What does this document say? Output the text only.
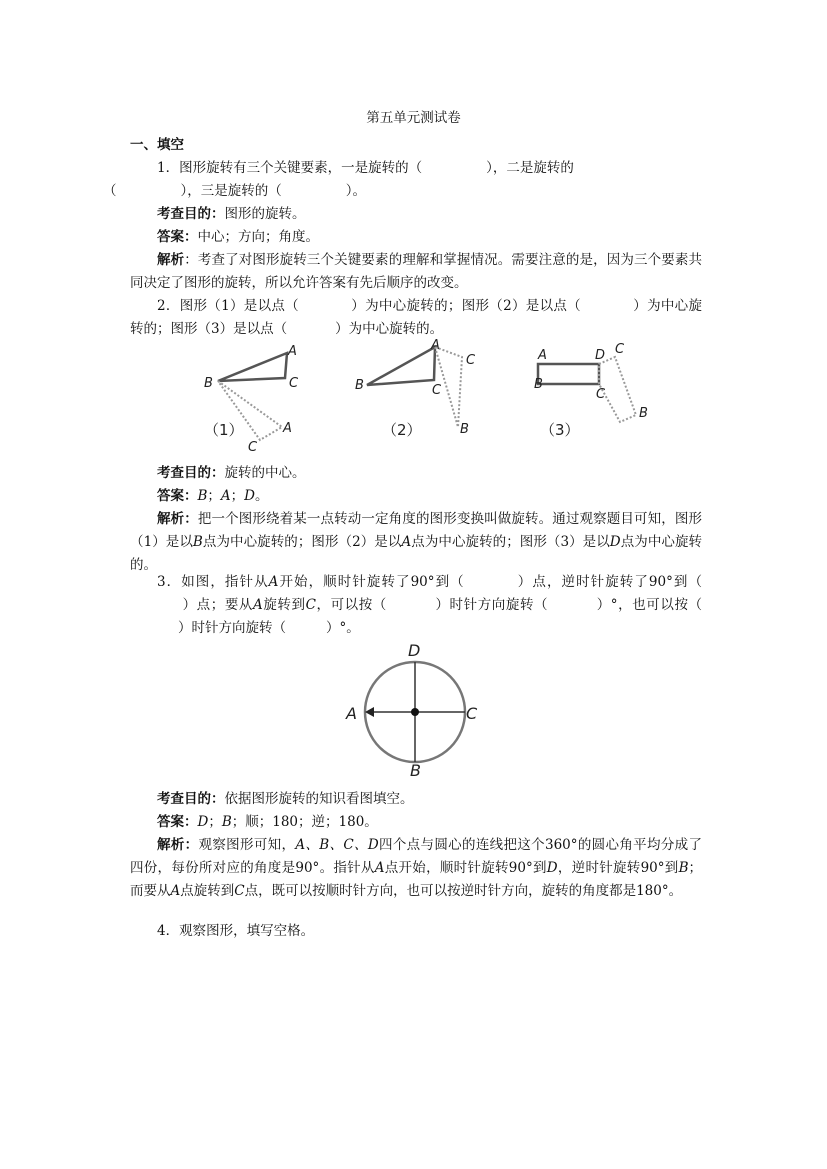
第五单元测试卷
一、填空
1．图形旋转有三个关键要素，一是旋转的（	），二是旋转的
（	），三是旋转的（	）。
考查目的：图形的旋转。
答案：中心；方向；角度。
解析：考查了对图形旋转三个关键要素的理解和掌握情况。需要注意的是，因为三个要素共同决定了图形的旋转，所以允许答案有先后顺序的改变。
2．图形（1）是以点（	）为中心旋转的；图形（2）是以点（	）为中心旋转的；图形（3）是以点（	）为中心旋转的。
A
B	C
A
C
（1）
A
B	C
C
B
（2）
A
B
D
C
C
B
（3）
考查目的：旋转的中心。
答案：B；A；D。
解析：把一个图形绕着某一点转动一定角度的图形变换叫做旋转。通过观察题目可知，图形（1）是以B点为中心旋转的；图形（2）是以A点为中心旋转的；图形（3）是以D点为中心旋转的。
3．如图，指针从A开始，顺时针旋转了90°到（	）点，逆时针旋转了90°到（）点；要从A旋转到C，可以按（	）时针方向旋转（	）°，也可以按（）时针方向旋转（	）°。
D
A	C
B
考查目的：依据图形旋转的知识看图填空。
答案：D；B；顺；180；逆；180。
解析：观察图形可知，A、B、C、D四个点与圆心的连线把这个360°的圆心角平均分成了四份，每份所对应的角度是90°。指针从A点开始，顺时针旋转90°到D，逆时针旋转90°到B；而要从A点旋转到C点，既可以按顺时针方向，也可以按逆时针方向，旋转的角度都是180°。
4．观察图形，填写空格。
